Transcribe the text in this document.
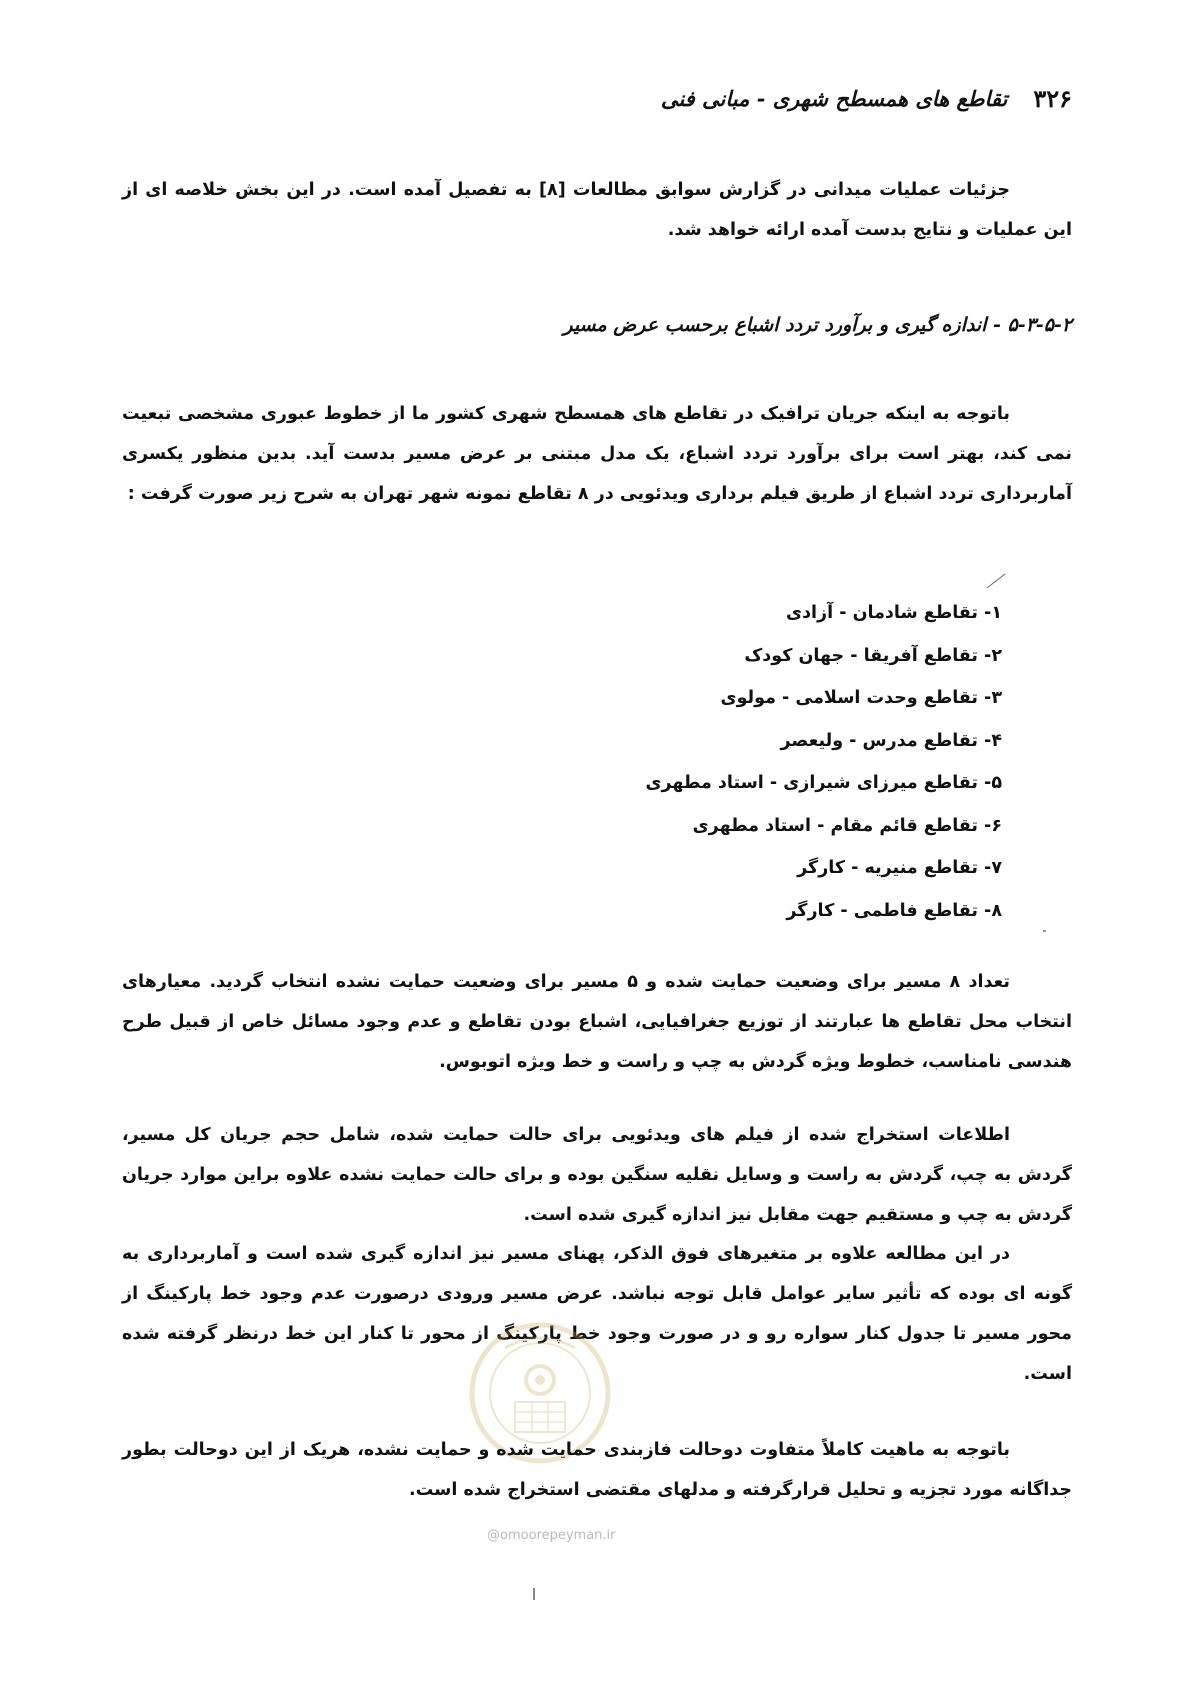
۳۲۶
تقاطع های همسطح شهری - مبانی فنی

جزئیات عملیات میدانی در گزارش سوابق مطالعات [۸] به تفصیل آمده است. در این بخش خلاصه ای از این عملیات و نتایج بدست آمده ارائه خواهد شد.

۵-۳-۵-۲ - اندازه گیری و برآورد تردد اشباع برحسب عرض مسیر

باتوجه به اینکه جریان ترافیک در تقاطع های همسطح شهری کشور ما از خطوط عبوری مشخصی تبعیت نمی کند، بهتر است برای برآورد تردد اشباع، یک مدل مبتنی بر عرض مسیر بدست آید. بدین منظور یکسری آماربرداری تردد اشباع از طریق فیلم برداری ویدئویی در ۸ تقاطع نمونه شهر تهران به شرح زیر صورت گرفت :

۱- تقاطع شادمان - آزادی
۲- تقاطع آفریقا - جهان کودک
۳- تقاطع وحدت اسلامی - مولوی
۴- تقاطع مدرس - ولیعصر
۵- تقاطع میرزای شیرازی - استاد مطهری
۶- تقاطع قائم مقام - استاد مطهری
۷- تقاطع منیریه - کارگر
۸- تقاطع فاطمی - کارگر

تعداد ۸ مسیر برای وضعیت حمایت شده و ۵ مسیر برای وضعیت حمایت نشده انتخاب گردید. معیارهای انتخاب محل تقاطع ها عبارتند از توزیع جغرافیایی، اشباع بودن تقاطع و عدم وجود مسائل خاص از قبیل طرح هندسی نامناسب، خطوط ویژه گردش به چپ و راست و خط ویژه اتوبوس.

اطلاعات استخراج شده از فیلم های ویدئویی برای حالت حمایت شده، شامل حجم جریان کل مسیر، گردش به چپ، گردش به راست و وسایل نقلیه سنگین بوده و برای حالت حمایت نشده علاوه براین موارد جریان گردش به چپ و مستقیم جهت مقابل نیز اندازه گیری شده است.

در این مطالعه علاوه بر متغیرهای فوق الذکر، پهنای مسیر نیز اندازه گیری شده است و آماربرداری به گونه ای بوده که تأثیر سایر عوامل قابل توجه نباشد. عرض مسیر ورودی درصورت عدم وجود خط پارکینگ از محور مسیر تا جدول کنار سواره رو و در صورت وجود خط پارکینگ از محور تا کنار این خط درنظر گرفته شده است.

باتوجه به ماهیت کاملاً متفاوت دوحالت فازبندی حمایت شده و حمایت نشده، هریک از این دوحالت بطور جداگانه مورد تجزیه و تحلیل قرارگرفته و مدلهای مقتضی استخراج شده است.

@omoorepeyman.ir
